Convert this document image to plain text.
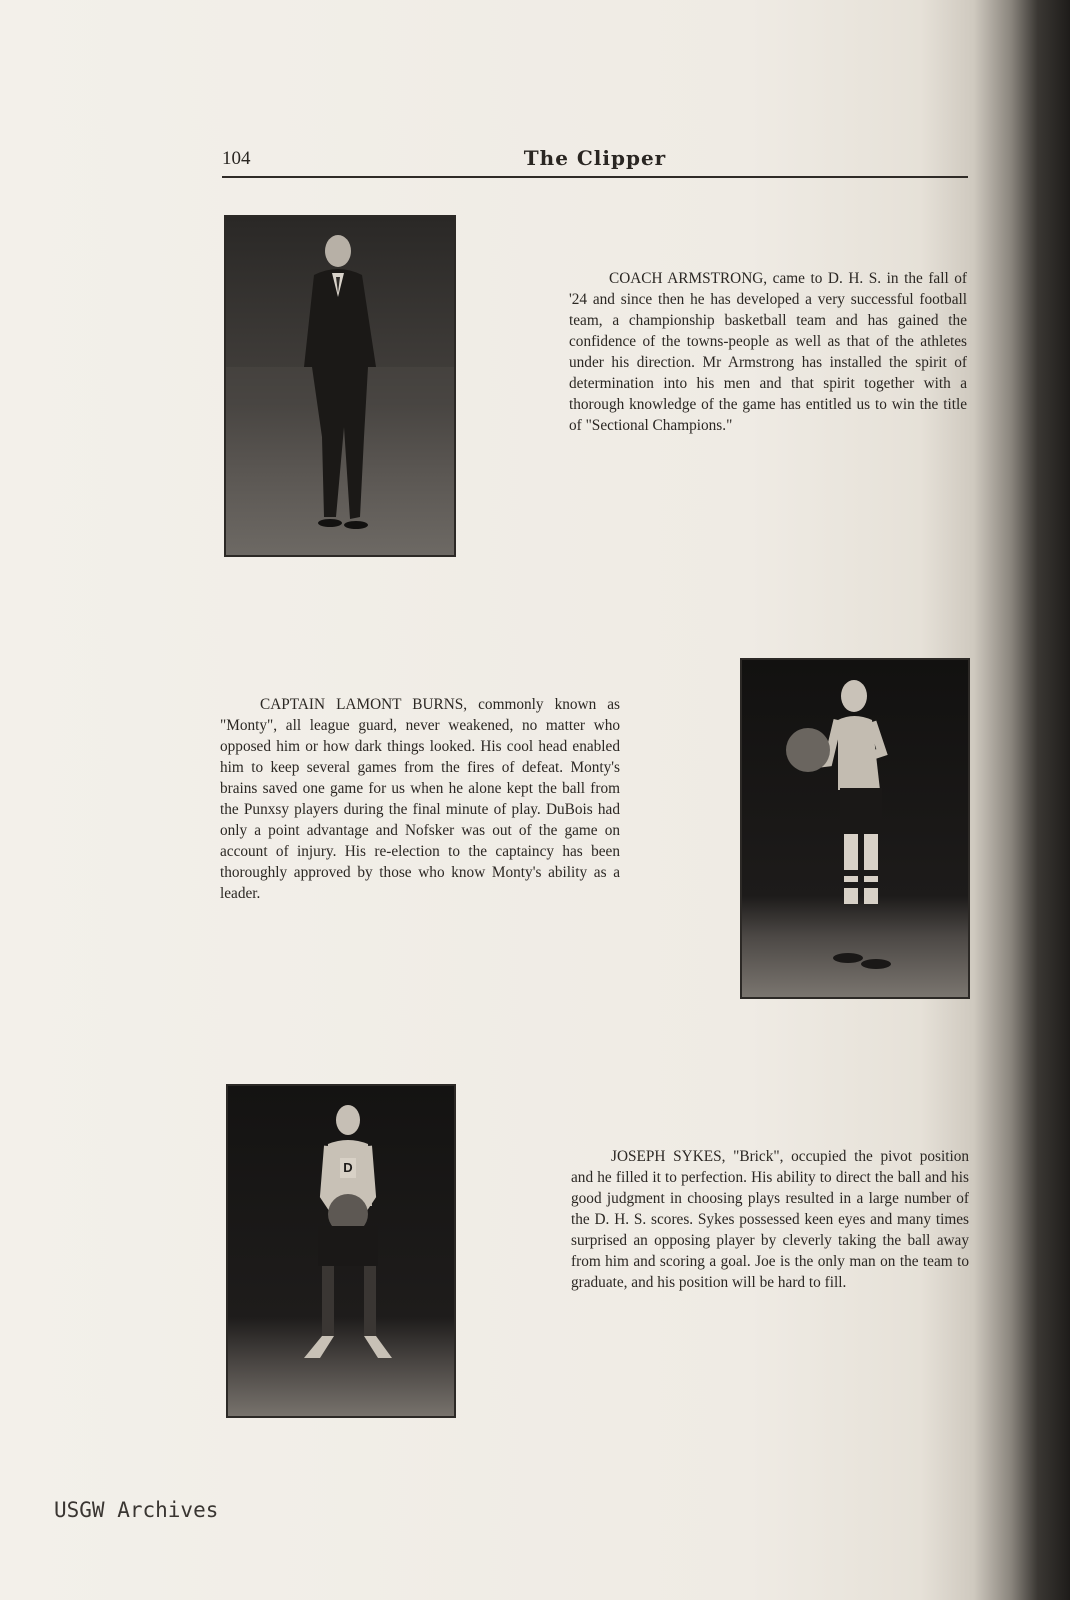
104	The Clipper
COACH ARMSTRONG, came to D. H. S. in the fall of '24 and since then he has developed a very successful football team, a championship basketball team and has gained the confidence of the towns-people as well as that of the athletes under his direction. Mr Armstrong has installed the spirit of determination into his men and that spirit together with a thorough knowledge of the game has entitled us to win the title of "Sectional Champions."
CAPTAIN LAMONT BURNS, commonly known as "Monty", all league guard, never weakened, no matter who opposed him or how dark things looked. His cool head enabled him to keep several games from the fires of defeat. Monty's brains saved one game for us when he alone kept the ball from the Punxsy players during the final minute of play. DuBois had only a point advantage and Nofsker was out of the game on account of injury. His re-election to the captaincy has been thoroughly approved by those who know Monty's ability as a leader.
D
JOSEPH SYKES, "Brick", occupied the pivot position and he filled it to perfection. His ability to direct the ball and his good judgment in choosing plays resulted in a large number of the D. H. S. scores. Sykes possessed keen eyes and many times surprised an opposing player by cleverly taking the ball away from him and scoring a goal. Joe is the only man on the team to graduate, and his position will be hard to fill.
USGW Archives
